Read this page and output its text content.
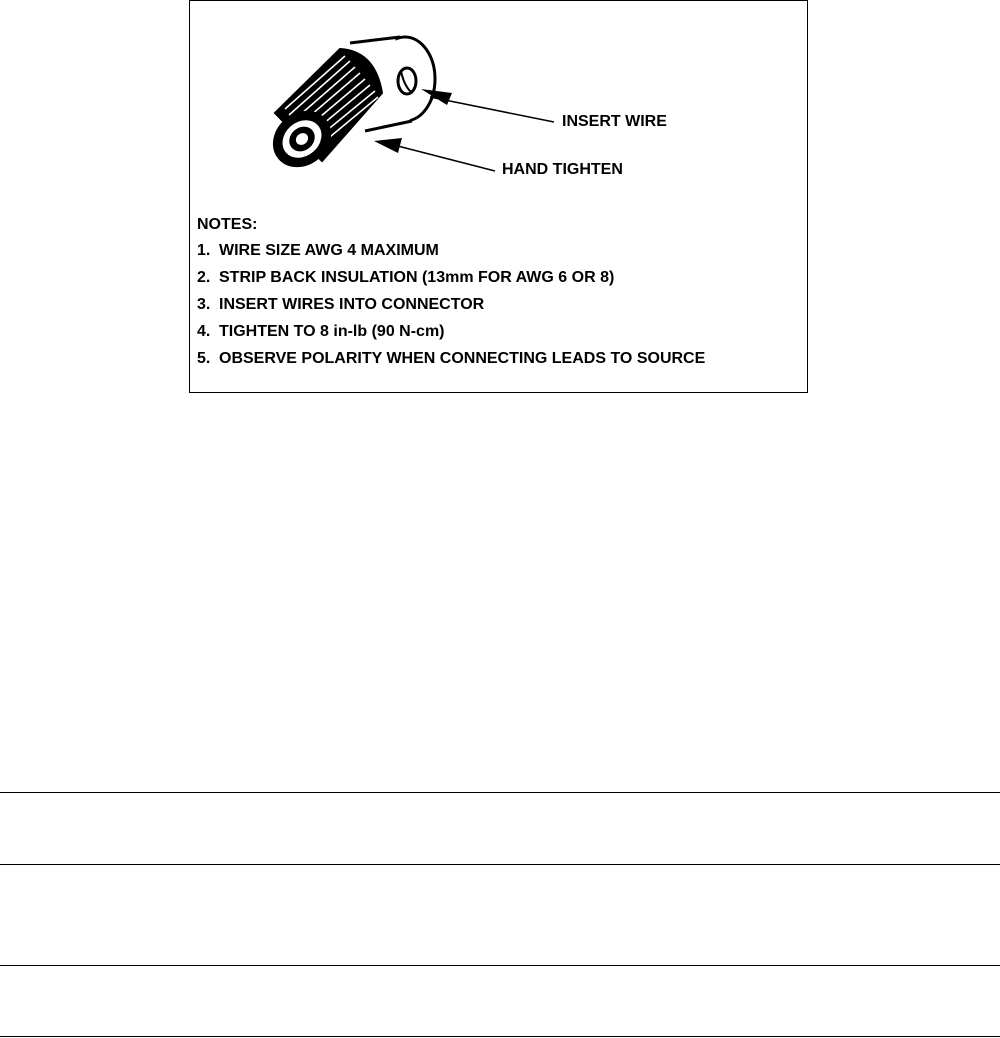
INSERT WIRE
HAND TIGHTEN
NOTES:
1. WIRE SIZE AWG 4 MAXIMUM
2. STRIP BACK INSULATION (13mm FOR AWG 6 OR 8)
3. INSERT WIRES INTO CONNECTOR
4. TIGHTEN TO 8 in-lb (90 N-cm)
5. OBSERVE POLARITY WHEN CONNECTING LEADS TO SOURCE
